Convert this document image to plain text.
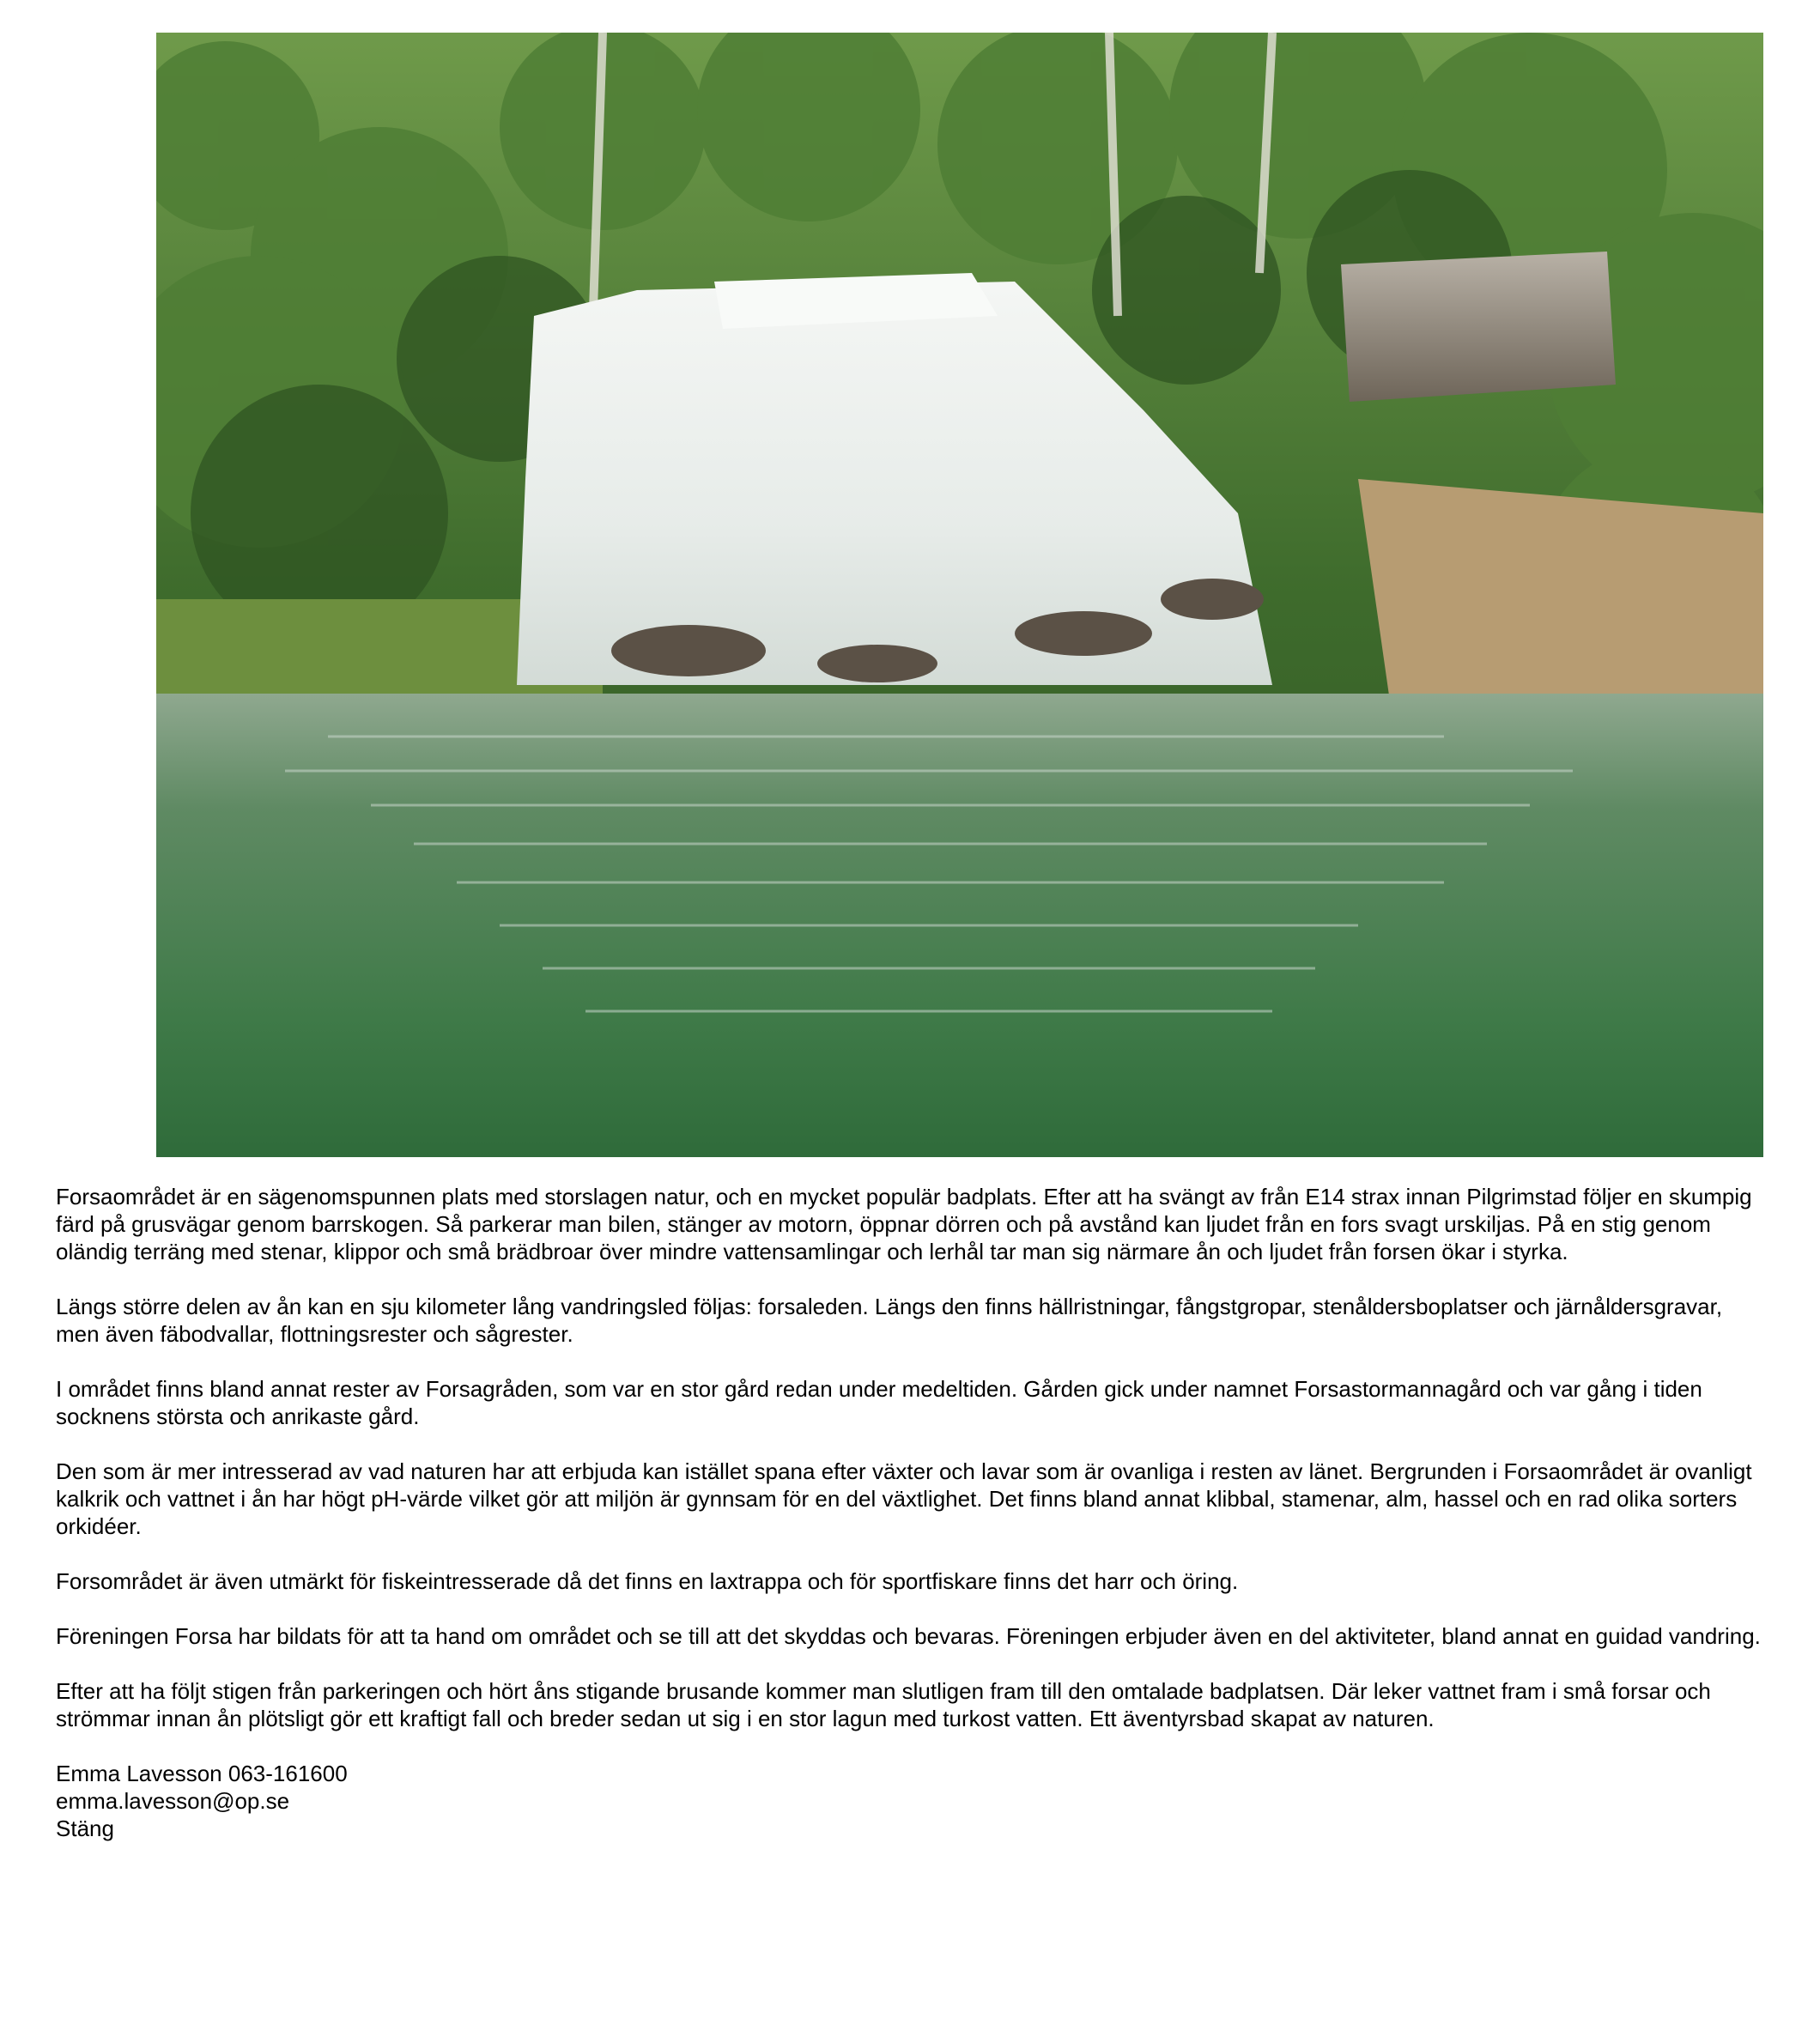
Forsaområdet är en sägenomspunnen plats med storslagen natur, och en mycket populär badplats. Efter att ha svängt av från E14 strax innan Pilgrimstad följer en skumpig färd på grusvägar genom barrskogen. Så parkerar man bilen, stänger av motorn, öppnar dörren och på avstånd kan ljudet från en fors svagt urskiljas. På en stig genom oländig terräng med stenar, klippor och små brädbroar över mindre vattensamlingar och lerhål tar man sig närmare ån och ljudet från forsen ökar i styrka.

Längs större delen av ån kan en sju kilometer lång vandringsled följas: forsaleden. Längs den finns hällristningar, fångstgropar, stenåldersboplatser och järnåldersgravar, men även fäbodvallar, flottningsrester och sågrester.

I området finns bland annat rester av Forsagråden, som var en stor gård redan under medeltiden. Gården gick under namnet Forsastormannagård och var gång i tiden socknens största och anrikaste gård.

Den som är mer intresserad av vad naturen har att erbjuda kan istället spana efter växter och lavar som är ovanliga i resten av länet. Bergrunden i Forsaområdet är ovanligt kalkrik och vattnet i ån har högt pH-värde vilket gör att miljön är gynnsam för en del växtlighet. Det finns bland annat klibbal, stamenar, alm, hassel och en rad olika sorters orkidéer.

Forsområdet är även utmärkt för fiskeintresserade då det finns en laxtrappa och för sportfiskare finns det harr och öring.

Föreningen Forsa har bildats för att ta hand om området och se till att det skyddas och bevaras. Föreningen erbjuder även en del aktiviteter, bland annat en guidad vandring.

Efter att ha följt stigen från parkeringen och hört åns stigande brusande kommer man slutligen fram till den omtalade badplatsen. Där leker vattnet fram i små forsar och strömmar innan ån plötsligt gör ett kraftigt fall och breder sedan ut sig i en stor lagun med turkost vatten. Ett äventyrsbad skapat av naturen.

Emma Lavesson 063-161600
emma.lavesson@op.se
Stäng
